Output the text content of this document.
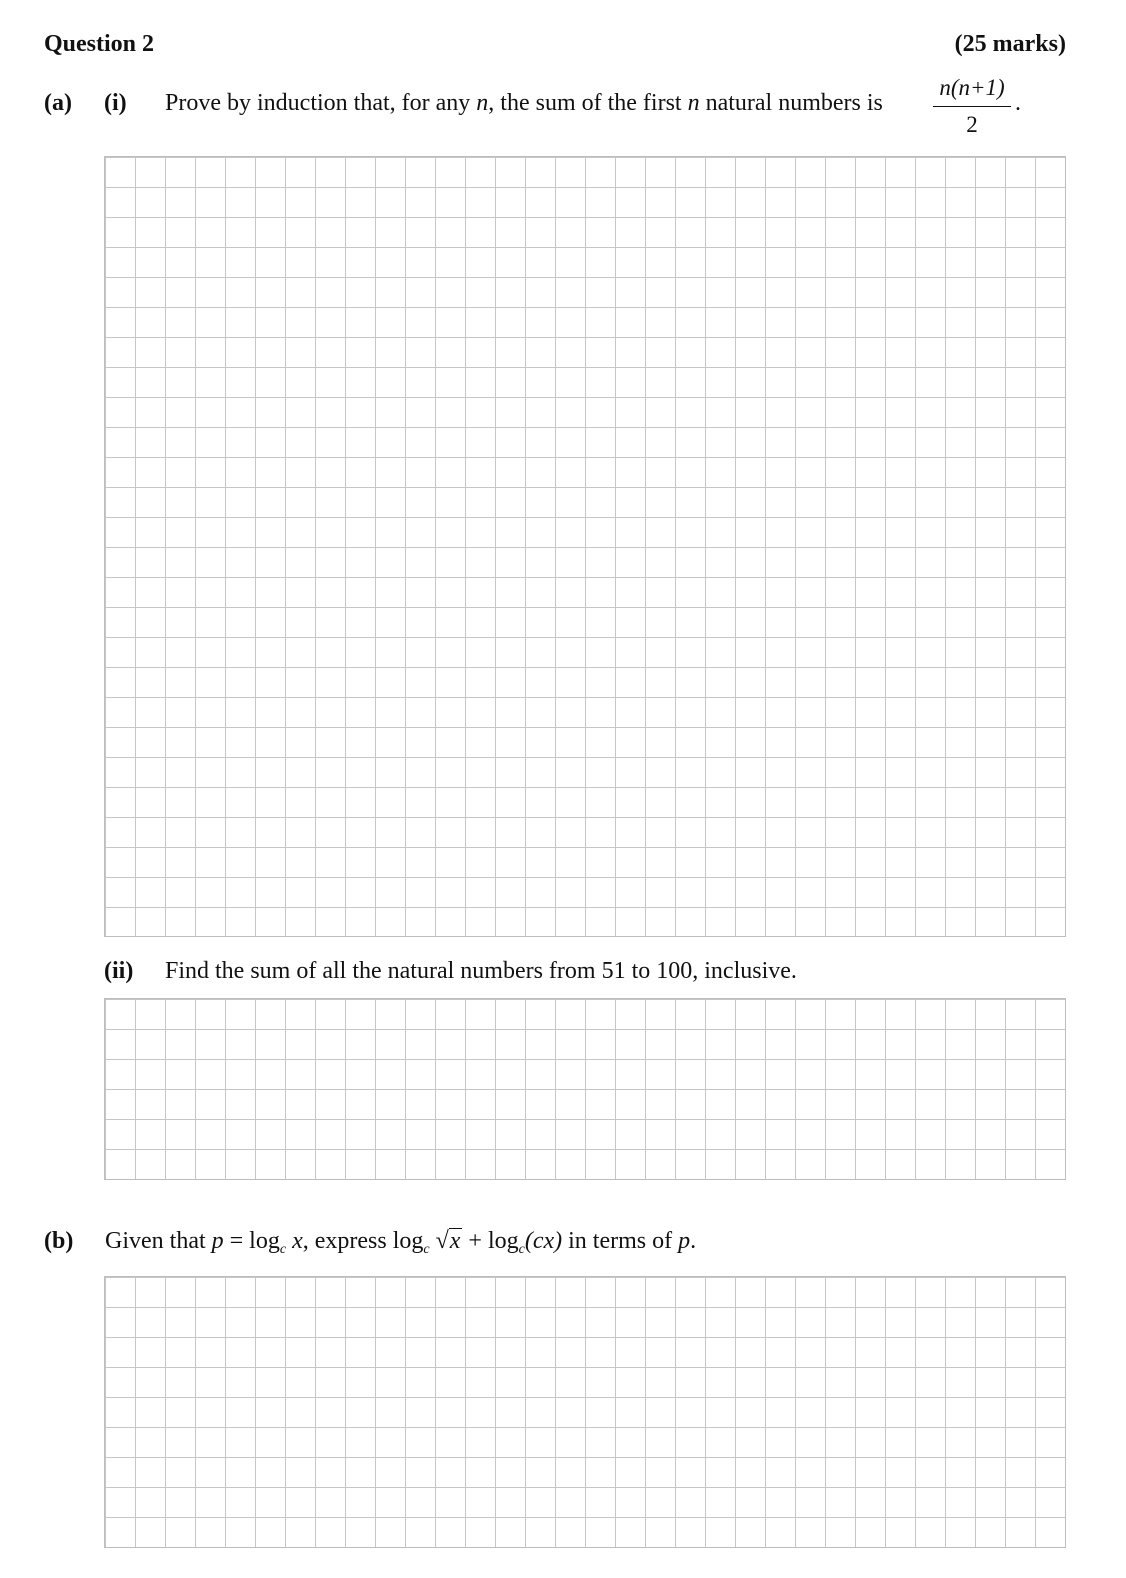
Question 2	(25 marks)
(a) (i) Prove by induction that, for any n, the sum of the first n natural numbers is
n(n+1)
2
.
(ii) Find the sum of all the natural numbers from 51 to 100, inclusive.
(b) Given that $p = \log_c x$, express $\log_c √x + \log_c(cx)$ in terms of p.
